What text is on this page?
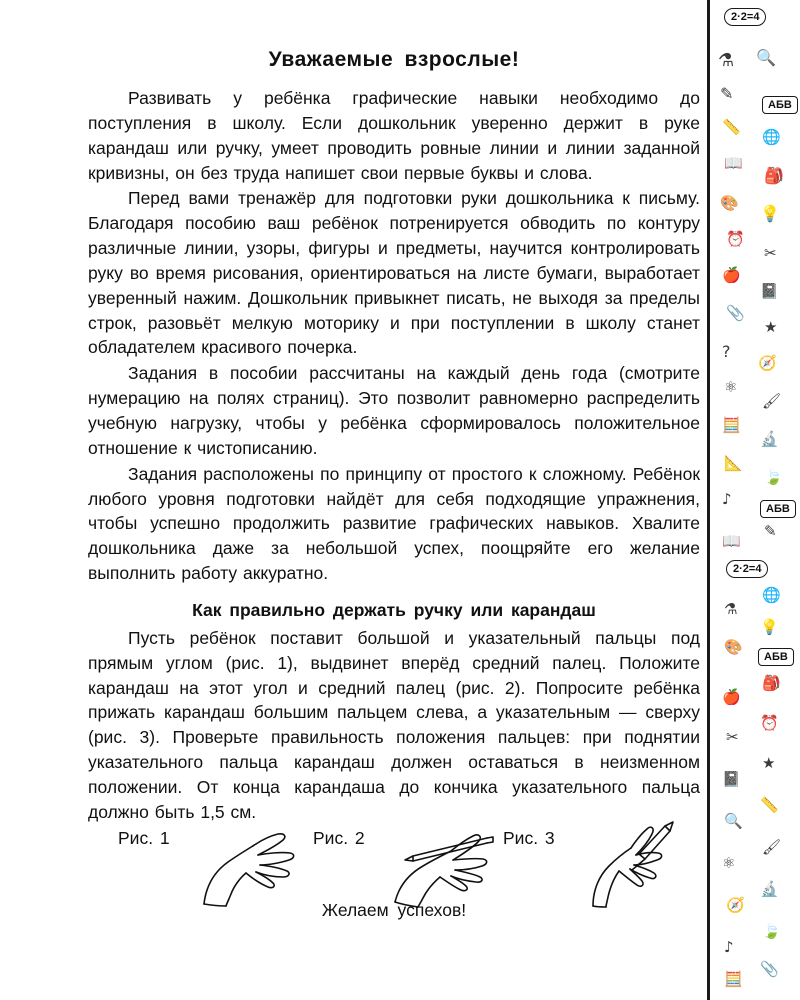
Уважаемые взрослые!

Развивать у ребёнка графические навыки необходимо до поступления в школу. Если дошкольник уверенно держит в руке карандаш или ручку, умеет проводить ровные линии и линии заданной кривизны, он без труда напишет свои первые буквы и слова.

Перед вами тренажёр для подготовки руки дошкольника к письму. Благодаря пособию ваш ребёнок потренируется обводить по контуру различные линии, узоры, фигуры и предметы, научится контролировать руку во время рисования, ориентироваться на листе бумаги, выработает уверенный нажим. Дошкольник привыкнет писать, не выходя за пределы строк, разовьёт мелкую моторику и при поступлении в школу станет обладателем красивого почерка.

Задания в пособии рассчитаны на каждый день года (смотрите нумерацию на полях страниц). Это позволит равномерно распределить учебную нагрузку, чтобы у ребёнка сформировалось положительное отношение к чистописанию.

Задания расположены по принципу от простого к сложному. Ребёнок любого уровня подготовки найдёт для себя подходящие упражнения, чтобы успешно продолжить развитие графических навыков. Хвалите дошкольника даже за небольшой успех, поощряйте его желание выполнить работу аккуратно.

Как правильно держать ручку или карандаш

Пусть ребёнок поставит большой и указательный пальцы под прямым углом (рис. 1), выдвинет вперёд средний палец. Положите карандаш на этот угол и средний палец (рис. 2). Попросите ребёнка прижать карандаш большим пальцем слева, а указательным — сверху (рис. 3). Проверьте правильность положения пальцев: при поднятии указательного пальца карандаш должен оставаться в неизменном положении. От конца карандаша до кончика указательного пальца должно быть 1,5 см.

Рис. 1	Рис. 2	Рис. 3
Желаем успехов!
2·2=4
2·2=4
АБВ
АБВ
АБВ
⚗ 🔍
✎
📏
🌐
📖
🎒
🎨
💡
⏰
✂
🍎
📓
📎
★
?
🧭
⚛
🖌
🧮
🔬
📐
🍃
♪
✎
📖
🌐
⚗
💡
🎨
🎒
🍎
⏰
✂
★
📓
📏
🔍
🖌
⚛
🔬
🧭
🍃
♪
📎
🧮
